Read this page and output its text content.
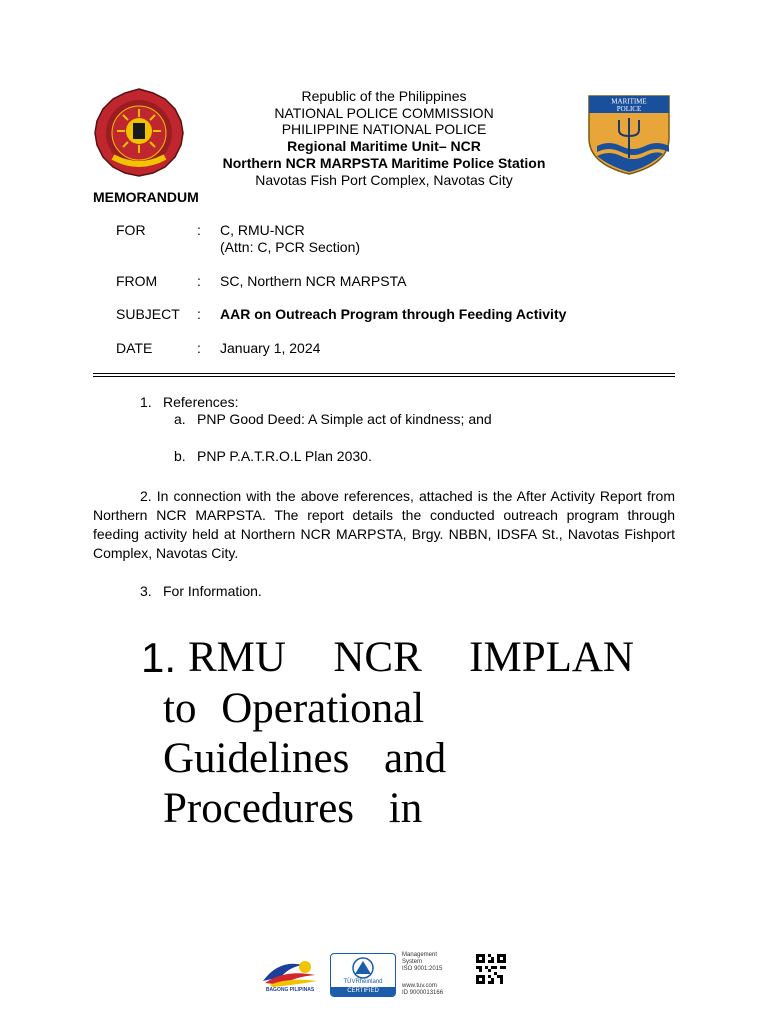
MARITIME
POLICE
Republic of the Philippines
NATIONAL POLICE COMMISSION
PHILIPPINE NATIONAL POLICE
Regional Maritime Unit– NCR
Northern NCR MARPSTA Maritime Police Station
Navotas Fish Port Complex, Navotas City
MEMORANDUM
FOR	: C, RMU-NCR
(Attn: C, PCR Section)
FROM	: SC, Northern NCR MARPSTA
SUBJECT : AAR on Outreach Program through Feeding Activity
DATE	: January 1, 2024
1. References:
a. PNP Good Deed: A Simple act of kindness; and
b. PNP P.A.T.R.O.L Plan 2030.
2. In connection with the above references, attached is the After Activity Report from Northern NCR MARPSTA. The report details the conducted outreach program through feeding activity held at Northern NCR MARPSTA, Brgy. NBBN, IDSFA St., Navotas Fishport Complex, Navotas City.
3. For Information.
1. RMU NCR IMPLAN
to Operational
Guidelines and
Procedures in
BAGONG PILIPINAS
TÜVRheinland
CERTIFIED
Management
System
ISO 9001:2015
www.tuv.com
ID 9000013166
